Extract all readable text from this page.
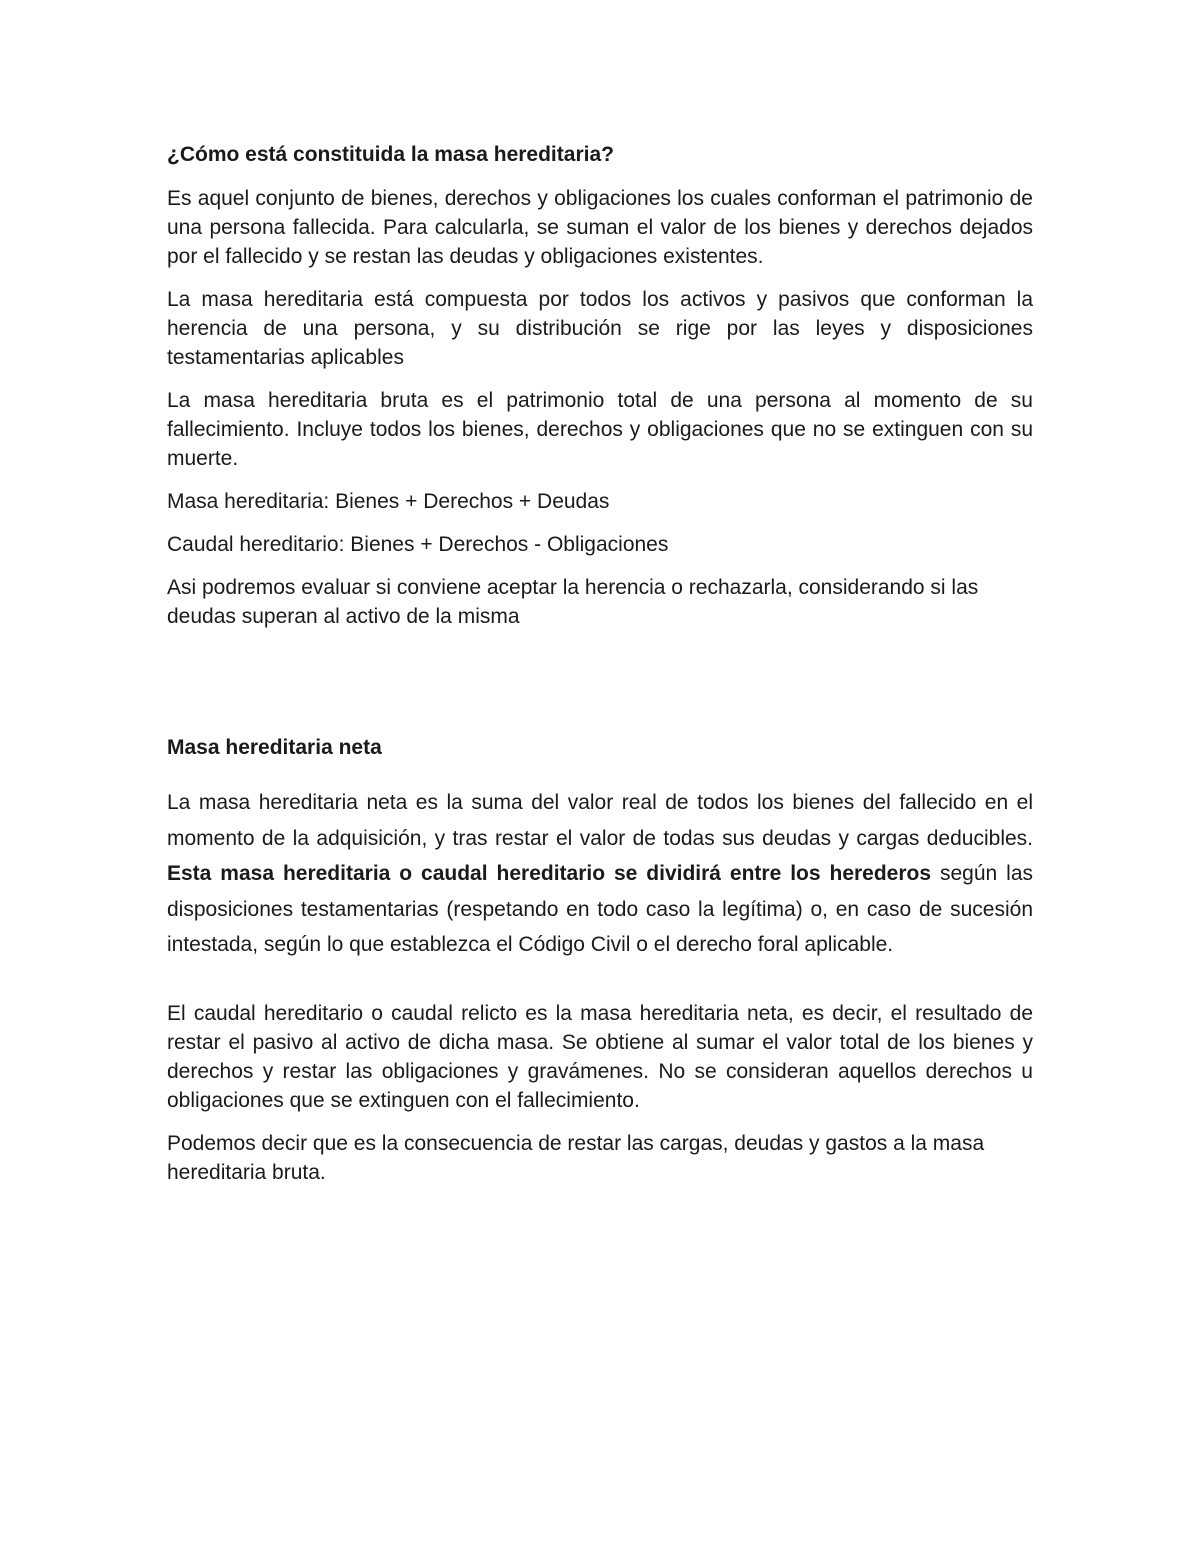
¿Cómo está constituida la masa hereditaria?

Es aquel conjunto de bienes, derechos y obligaciones los cuales conforman el patrimonio de una persona fallecida. Para calcularla, se suman el valor de los bienes y derechos dejados por el fallecido y se restan las deudas y obligaciones existentes.

La masa hereditaria está compuesta por todos los activos y pasivos que conforman la herencia de una persona, y su distribución se rige por las leyes y disposiciones testamentarias aplicables

La masa hereditaria bruta es el patrimonio total de una persona al momento de su fallecimiento. Incluye todos los bienes, derechos y obligaciones que no se extinguen con su muerte.

Masa hereditaria: Bienes + Derechos + Deudas

Caudal hereditario: Bienes + Derechos - Obligaciones

Asi podremos evaluar si conviene aceptar la herencia o rechazarla, considerando si las deudas superan al activo de la misma

Masa hereditaria neta

La masa hereditaria neta es la suma del valor real de todos los bienes del fallecido en el momento de la adquisición, y tras restar el valor de todas sus deudas y cargas deducibles. Esta masa hereditaria o caudal hereditario se dividirá entre los herederos según las disposiciones testamentarias (respetando en todo caso la legítima) o, en caso de sucesión intestada, según lo que establezca el Código Civil o el derecho foral aplicable.

El caudal hereditario o caudal relicto es la masa hereditaria neta, es decir, el resultado de restar el pasivo al activo de dicha masa. Se obtiene al sumar el valor total de los bienes y derechos y restar las obligaciones y gravámenes. No se consideran aquellos derechos u obligaciones que se extinguen con el fallecimiento.

Podemos decir que es la consecuencia de restar las cargas, deudas y gastos a la masa hereditaria bruta.
